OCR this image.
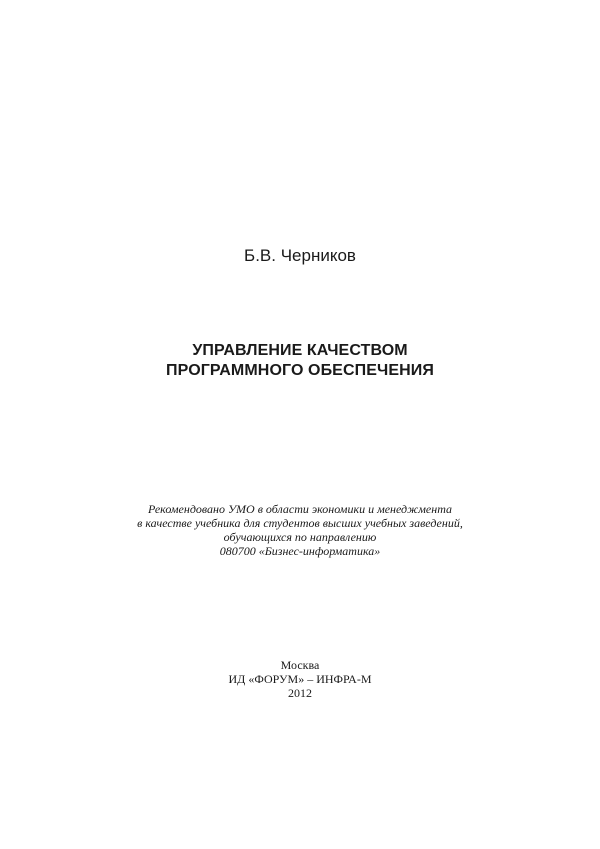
Б.В. Черников
УПРАВЛЕНИЕ КАЧЕСТВОМ
ПРОГРАММНОГО ОБЕСПЕЧЕНИЯ
Рекомендовано УМО в области экономики и менеджмента
в качестве учебника для студентов высших учебных заведений,
обучающихся по направлению
080700 «Бизнес-информатика»
Москва
ИД «ФОРУМ» – ИНФРА-М
2012
